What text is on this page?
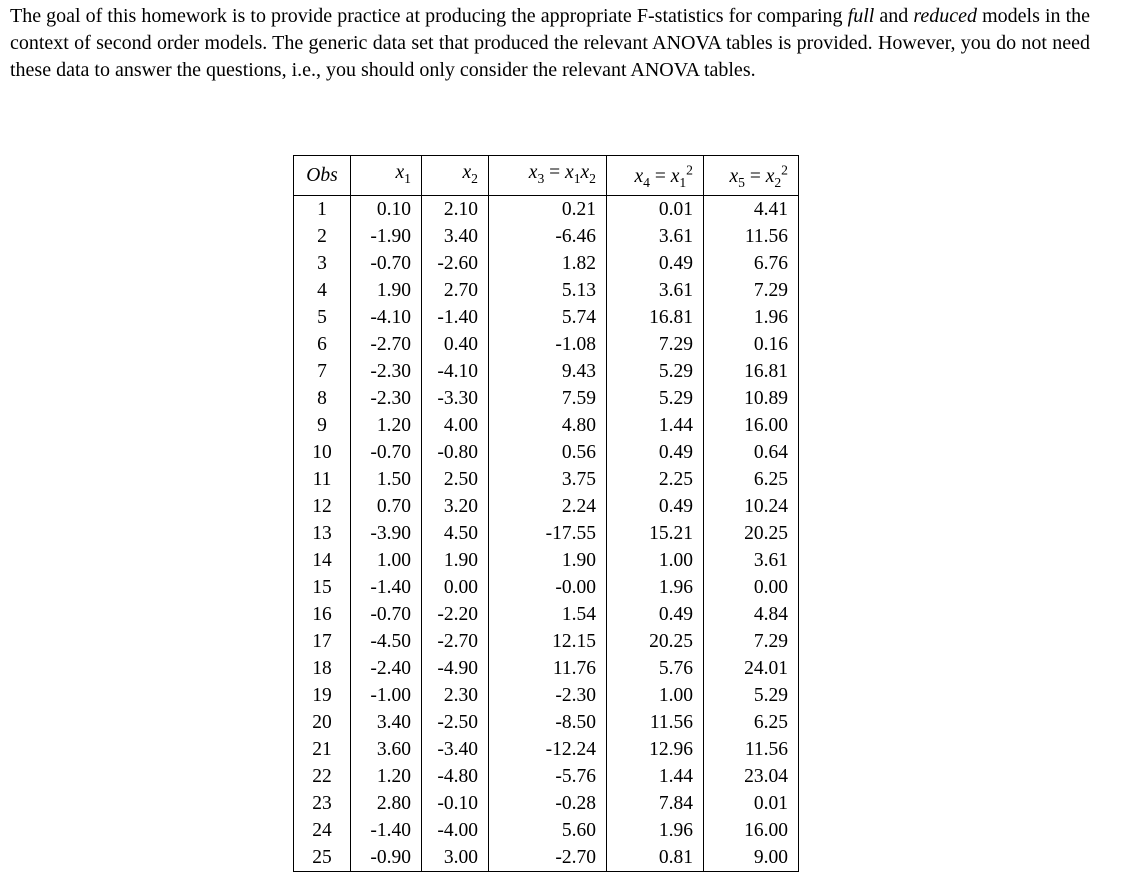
The goal of this homework is to provide practice at producing the appropriate F-statistics for comparing full and reduced models in the context of second order models. The generic data set that produced the relevant ANOVA tables is provided. However, you do not need these data to answer the questions, i.e., you should only consider the relevant ANOVA tables.

Obs	$x_1$	$x_2$	$x_3 = x_1x_2$	$x_4 = x_1^2$	$x_5 = x_2^2$
1	0.10	2.10	0.21	0.01	4.41
2	-1.90	3.40	-6.46	3.61	11.56
3	-0.70	-2.60	1.82	0.49	6.76
4	1.90	2.70	5.13	3.61	7.29
5	-4.10	-1.40	5.74	16.81	1.96
6	-2.70	0.40	-1.08	7.29	0.16
7	-2.30	-4.10	9.43	5.29	16.81
8	-2.30	-3.30	7.59	5.29	10.89
9	1.20	4.00	4.80	1.44	16.00
10	-0.70	-0.80	0.56	0.49	0.64
11	1.50	2.50	3.75	2.25	6.25
12	0.70	3.20	2.24	0.49	10.24
13	-3.90	4.50	-17.55	15.21	20.25
14	1.00	1.90	1.90	1.00	3.61
15	-1.40	0.00	-0.00	1.96	0.00
16	-0.70	-2.20	1.54	0.49	4.84
17	-4.50	-2.70	12.15	20.25	7.29
18	-2.40	-4.90	11.76	5.76	24.01
19	-1.00	2.30	-2.30	1.00	5.29
20	3.40	-2.50	-8.50	11.56	6.25
21	3.60	-3.40	-12.24	12.96	11.56
22	1.20	-4.80	-5.76	1.44	23.04
23	2.80	-0.10	-0.28	7.84	0.01
24	-1.40	-4.00	5.60	1.96	16.00
25	-0.90	3.00	-2.70	0.81	9.00
